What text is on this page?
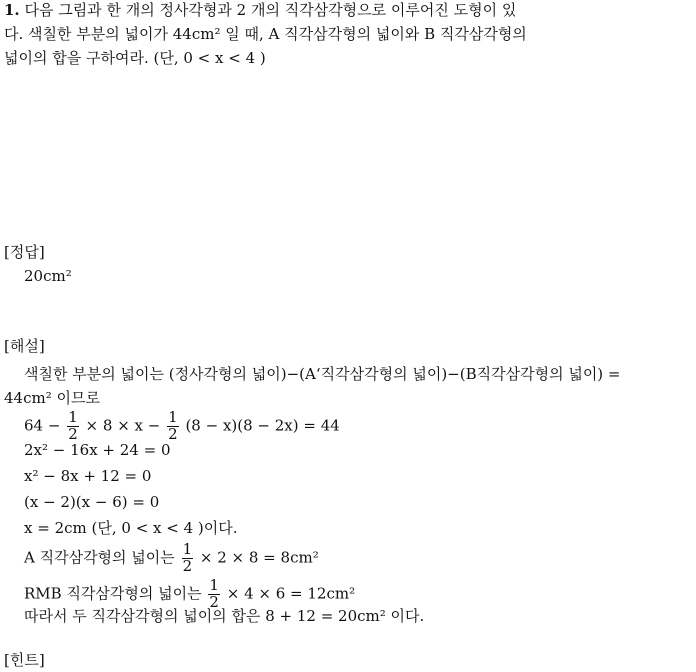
1. 다음 그림과 한 개의 정사각형과 2 개의 직각삼각형으로 이루어진 도형이 있
다. 색칠한 부분의 넓이가 44cm² 일 때, A 직각삼각형의 넓이와 B 직각삼각형의
넓이의 합을 구하여라. (단, 0 < x < 4 )
[정답]
20cm²
[해설]
색칠한 부분의 넓이는 (정사각형의 넓이)−(A‘직각삼각형의 넓이)−(B직각삼각형의 넓이) =
44cm² 이므로
$64 - \frac{1}{2} \times 8 \times x - \frac{1}{2} (8 - x)(8 - 2x) = 44$
2x² − 16x + 24 = 0
x² − 8x + 12 = 0
(x − 2)(x − 6) = 0
x = 2cm (단, 0 < x < 4 )이다.
A 직각삼각형의 넓이는 $\frac{1}{2} \times 2 \times 8 = 8cm^2$
RMB 직각삼각형의 넓이는 $\frac{1}{2} \times 4 \times 6 = 12cm^2$
따라서 두 직각삼각형의 넓이의 합은 8 + 12 = 20cm² 이다.
[힌트]
